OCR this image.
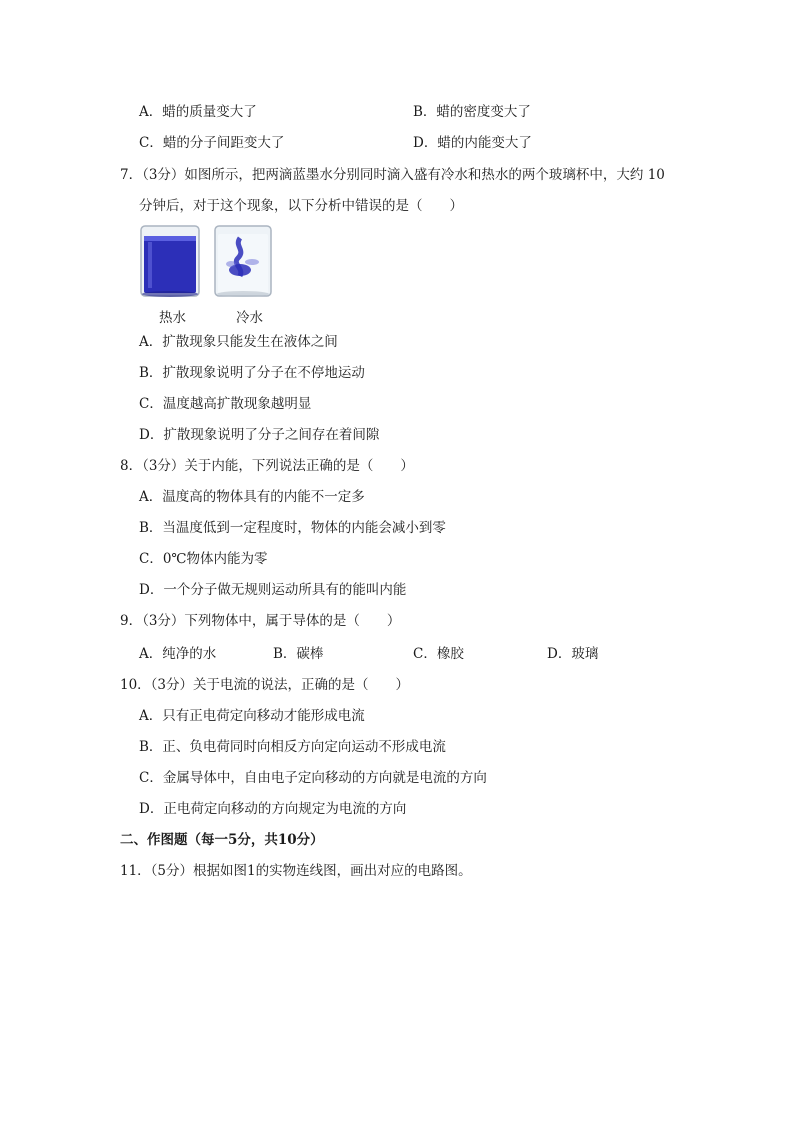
A．蜡的质量变大了	B．蜡的密度变大了
C．蜡的分子间距变大了	D．蜡的内能变大了
7．（3分）如图所示，把两滴蓝墨水分别同时滴入盛有冷水和热水的两个玻璃杯中，大约 10
分钟后，对于这个现象，以下分析中错误的是（　　）
热水	冷水
A．扩散现象只能发生在液体之间
B．扩散现象说明了分子在不停地运动
C．温度越高扩散现象越明显
D．扩散现象说明了分子之间存在着间隙
8．（3分）关于内能，下列说法正确的是（　　）
A．温度高的物体具有的内能不一定多
B．当温度低到一定程度时，物体的内能会减小到零
C．0℃物体内能为零
D．一个分子做无规则运动所具有的能叫内能
9．（3分）下列物体中，属于导体的是（　　）
A．纯净的水	B．碳棒	C．橡胶	D．玻璃
10．（3分）关于电流的说法，正确的是（　　）
A．只有正电荷定向移动才能形成电流
B．正、负电荷同时向相反方向定向运动不形成电流
C．金属导体中，自由电子定向移动的方向就是电流的方向
D．正电荷定向移动的方向规定为电流的方向
二、作图题（每一5分，共10分）
11．（5分）根据如图1的实物连线图，画出对应的电路图。
